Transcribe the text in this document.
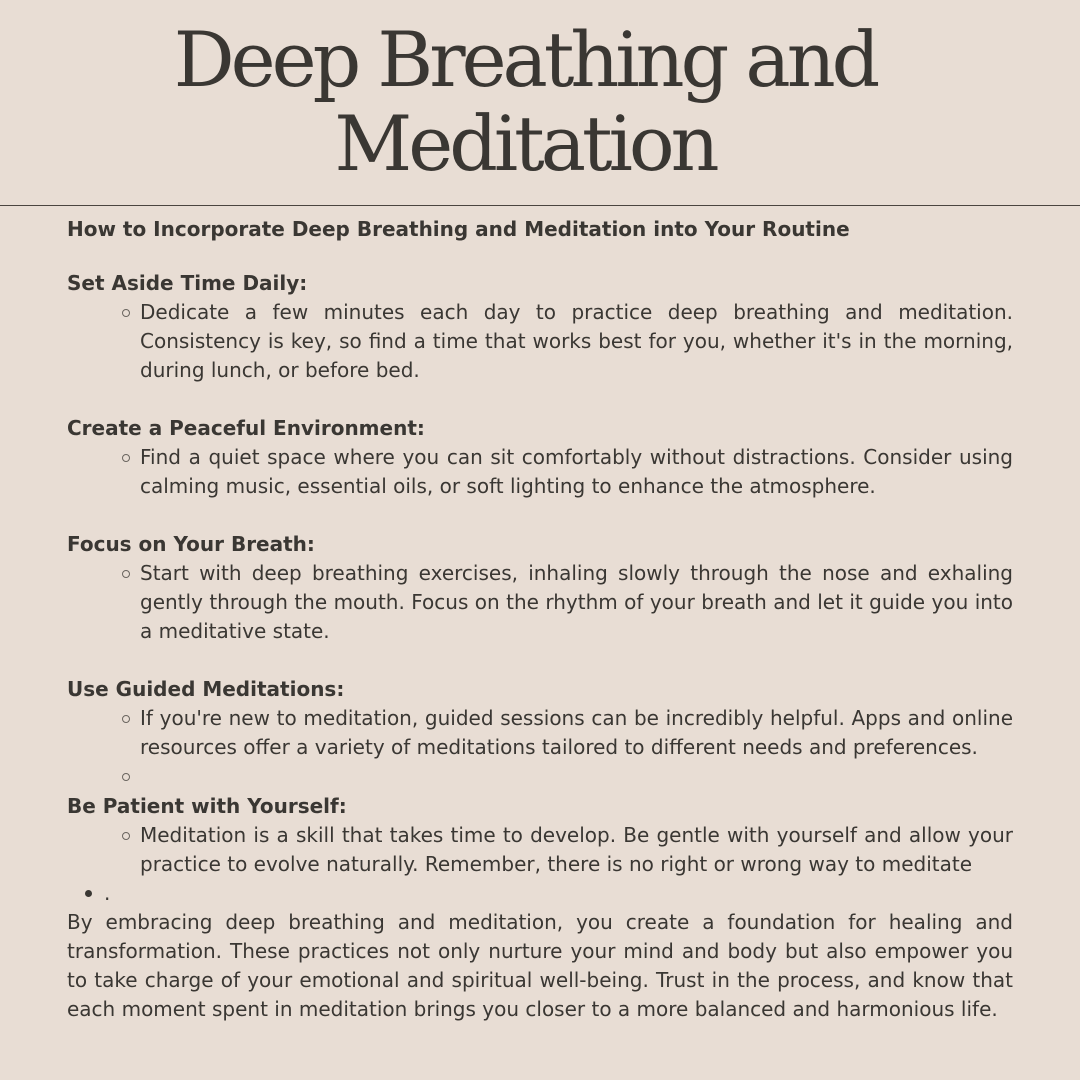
Deep Breathing and
Meditation
How to Incorporate Deep Breathing and Meditation into Your Routine
Set Aside Time Daily:
Dedicate a few minutes each day to practice deep breathing and meditation. Consistency is key, so find a time that works best for you, whether it's in the morning, during lunch, or before bed.
Create a Peaceful Environment:
Find a quiet space where you can sit comfortably without distractions. Consider using calming music, essential oils, or soft lighting to enhance the atmosphere.
Focus on Your Breath:
Start with deep breathing exercises, inhaling slowly through the nose and exhaling gently through the mouth. Focus on the rhythm of your breath and let it guide you into a meditative state.
Use Guided Meditations:
If you're new to meditation, guided sessions can be incredibly helpful. Apps and online resources offer a variety of meditations tailored to different needs and preferences.
Be Patient with Yourself:
Meditation is a skill that takes time to develop. Be gentle with yourself and allow your practice to evolve naturally. Remember, there is no right or wrong way to meditate
.

By embracing deep breathing and meditation, you create a foundation for healing and transformation. These practices not only nurture your mind and body but also empower you to take charge of your emotional and spiritual well-being. Trust in the process, and know that each moment spent in meditation brings you closer to a more balanced and harmonious life.
